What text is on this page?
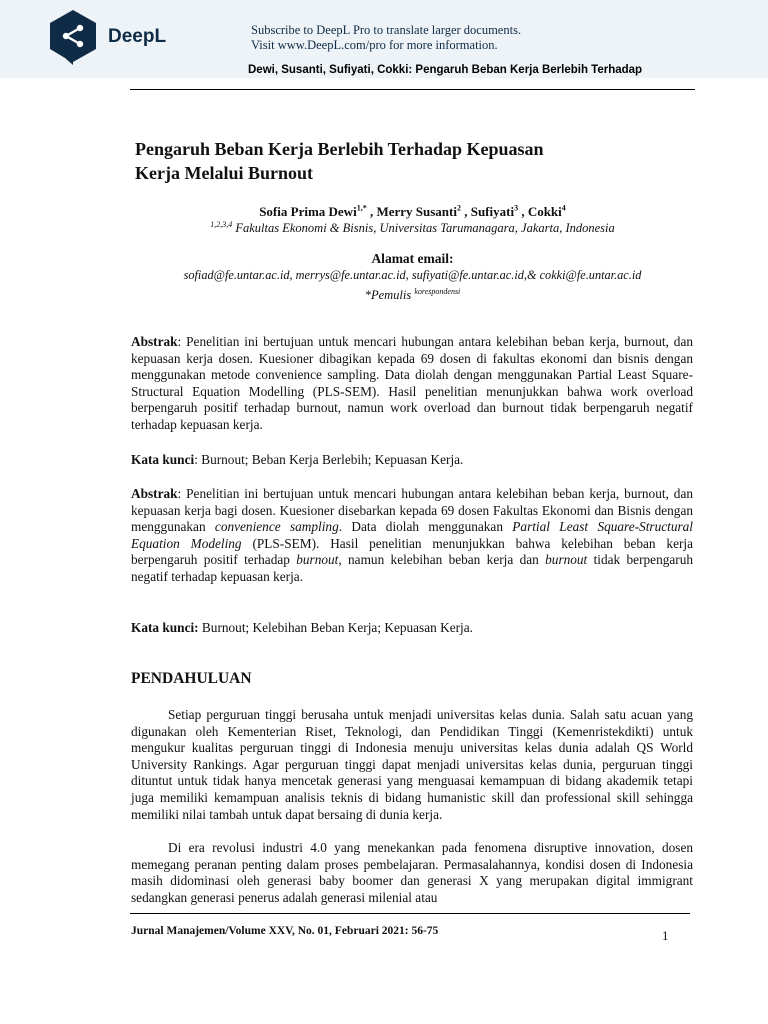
DeepL	Subscribe to DeepL Pro to translate larger documents.
Visit www.DeepL.com/pro for more information.
Dewi, Susanti, Sufiyati, Cokki: Pengaruh Beban Kerja Berlebih Terhadap
Pengaruh Beban Kerja Berlebih Terhadap Kepuasan
Kerja Melalui Burnout
Sofia Prima Dewi$^{1,*}$ , Merry Susanti$^2$ , Sufiyati$^3$ , Cokki$^4$
$^{1,2,3,4}$ Fakultas Ekonomi & Bisnis, Universitas Tarumanagara, Jakarta, Indonesia
Alamat email:
sofiad@fe.untar.ac.id, merrys@fe.untar.ac.id, sufiyati@fe.untar.ac.id,& cokki@fe.untar.ac.id
*Pemulis $^{korespondensi}$
Abstrak: Penelitian ini bertujuan untuk mencari hubungan antara kelebihan beban kerja, burnout, dan kepuasan kerja dosen. Kuesioner dibagikan kepada 69 dosen di fakultas ekonomi dan bisnis dengan menggunakan metode convenience sampling. Data diolah dengan menggunakan Partial Least Square-Structural Equation Modelling (PLS-SEM). Hasil penelitian menunjukkan bahwa work overload berpengaruh positif terhadap burnout, namun work overload dan burnout tidak berpengaruh negatif terhadap kepuasan kerja.
Kata kunci: Burnout; Beban Kerja Berlebih; Kepuasan Kerja.
Abstrak: Penelitian ini bertujuan untuk mencari hubungan antara kelebihan beban kerja, burnout, dan kepuasan kerja bagi dosen. Kuesioner disebarkan kepada 69 dosen Fakultas Ekonomi dan Bisnis dengan menggunakan convenience sampling. Data diolah menggunakan Partial Least Square-Structural Equation Modeling (PLS-SEM). Hasil penelitian menunjukkan bahwa kelebihan beban kerja berpengaruh positif terhadap burnout, namun kelebihan beban kerja dan burnout tidak berpengaruh negatif terhadap kepuasan kerja.
Kata kunci: Burnout; Kelebihan Beban Kerja; Kepuasan Kerja.
PENDAHULUAN
Setiap perguruan tinggi berusaha untuk menjadi universitas kelas dunia. Salah satu acuan yang digunakan oleh Kementerian Riset, Teknologi, dan Pendidikan Tinggi (Kemenristekdikti) untuk mengukur kualitas perguruan tinggi di Indonesia menuju universitas kelas dunia adalah QS World University Rankings. Agar perguruan tinggi dapat menjadi universitas kelas dunia, perguruan tinggi dituntut untuk tidak hanya mencetak generasi yang menguasai kemampuan di bidang akademik tetapi juga memiliki kemampuan analisis teknis di bidang humanistic skill dan professional skill sehingga memiliki nilai tambah untuk dapat bersaing di dunia kerja.
Di era revolusi industri 4.0 yang menekankan pada fenomena disruptive innovation, dosen memegang peranan penting dalam proses pembelajaran. Permasalahannya, kondisi dosen di Indonesia masih didominasi oleh generasi baby boomer dan generasi X yang merupakan digital immigrant sedangkan generasi penerus adalah generasi milenial atau
Jurnal Manajemen/Volume XXV, No. 01, Februari 2021: 56-75	1
